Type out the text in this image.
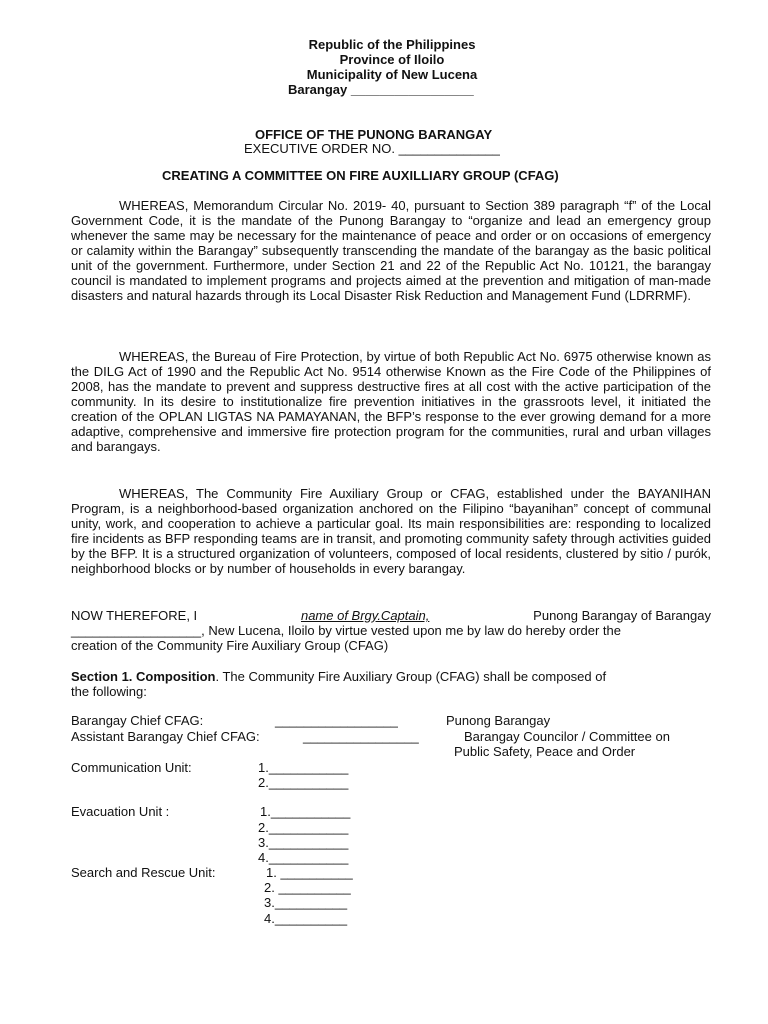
Republic of the Philippines
Province of Iloilo
Municipality of New Lucena
Barangay _________________
OFFICE OF THE PUNONG BARANGAY
EXECUTIVE ORDER NO. ______________
CREATING A COMMITTEE ON FIRE AUXILLIARY GROUP (CFAG)

WHEREAS, Memorandum Circular No. 2019- 40, pursuant to Section 389 paragraph “f” of the Local Government Code, it is the mandate of the Punong Barangay to “organize and lead an emergency group whenever the same may be necessary for the maintenance of peace and order or on occasions of emergency or calamity within the Barangay” subsequently transcending the mandate of the barangay as the basic political unit of the government. Furthermore, under Section 21 and 22 of the Republic Act No. 10121, the barangay council is mandated to implement programs and projects aimed at the prevention and mitigation of man-made disasters and natural hazards through its Local Disaster Risk Reduction and Management Fund (LDRRMF).

WHEREAS, the Bureau of Fire Protection, by virtue of both Republic Act No. 6975 otherwise known as the DILG Act of 1990 and the Republic Act No. 9514 otherwise Known as the Fire Code of the Philippines of 2008, has the mandate to prevent and suppress destructive fires at all cost with the active participation of the community. In its desire to institutionalize fire prevention initiatives in the grassroots level, it initiated the creation of the OPLAN LIGTAS NA PAMAYANAN, the BFP’s response to the ever growing demand for a more adaptive, comprehensive and immersive fire protection program for the communities, rural and urban villages and barangays.

WHEREAS, The Community Fire Auxiliary Group or CFAG, established under the BAYANIHAN Program, is a neighborhood-based organization anchored on the Filipino “bayanihan” concept of communal unity, work, and cooperation to achieve a particular goal. Its main responsibilities are: responding to localized fire incidents as BFP responding teams are in transit, and promoting community safety through activities guided by the BFP. It is a structured organization of volunteers, composed of local residents, clustered by sitio / purók, neighborhood blocks or by number of households in every barangay.

NOW THEREFORE, I	name of Brgy.Captain,	Punong Barangay of Barangay
__________________, New Lucena, Iloilo by virtue vested upon me by law do hereby order the
creation of the Community Fire Auxiliary Group (CFAG)
Section 1. Composition. The Community Fire Auxiliary Group (CFAG) shall be composed of
the following:
Barangay Chief CFAG:	_________________	Punong Barangay
Assistant Barangay Chief CFAG:	________________	Barangay Councilor / Committee on
Public Safety, Peace and Order
Communication Unit:	1.___________
2.___________
Evacuation Unit :	1.___________
2.___________
3.___________
4.___________
Search and Rescue Unit:	1. __________
2. __________
3.__________
4.__________
